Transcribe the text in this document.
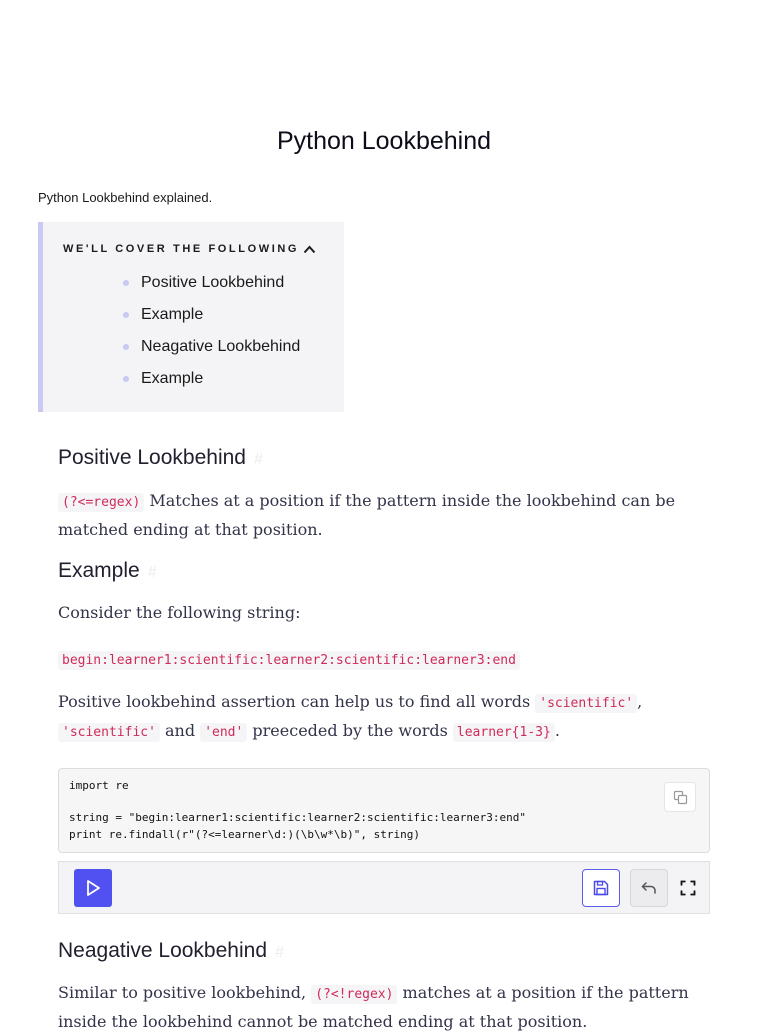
Python Lookbehind
Python Lookbehind explained.
WE'LL COVER THE FOLLOWING
Positive Lookbehind
Example
Neagative Lookbehind
Example
Positive Lookbehind #

(?<=regex) Matches at a position if the pattern inside the lookbehind can be matched ending at that position.

Example #

Consider the following string:

begin:learner1:scientific:learner2:scientific:learner3:end

Positive lookbehind assertion can help us to find all words 'scientific' , 'scientific' and 'end' preeceded by the words learner{1-3} .

import re
string = "begin:learner1:scientific:learner2:scientific:learner3:end"
print re.findall(r"(?<=learner\d:)(\b\w*\b)", string)
Neagative Lookbehind #

Similar to positive lookbehind, (?<!regex) matches at a position if the pattern inside the lookbehind cannot be matched ending at that position.
